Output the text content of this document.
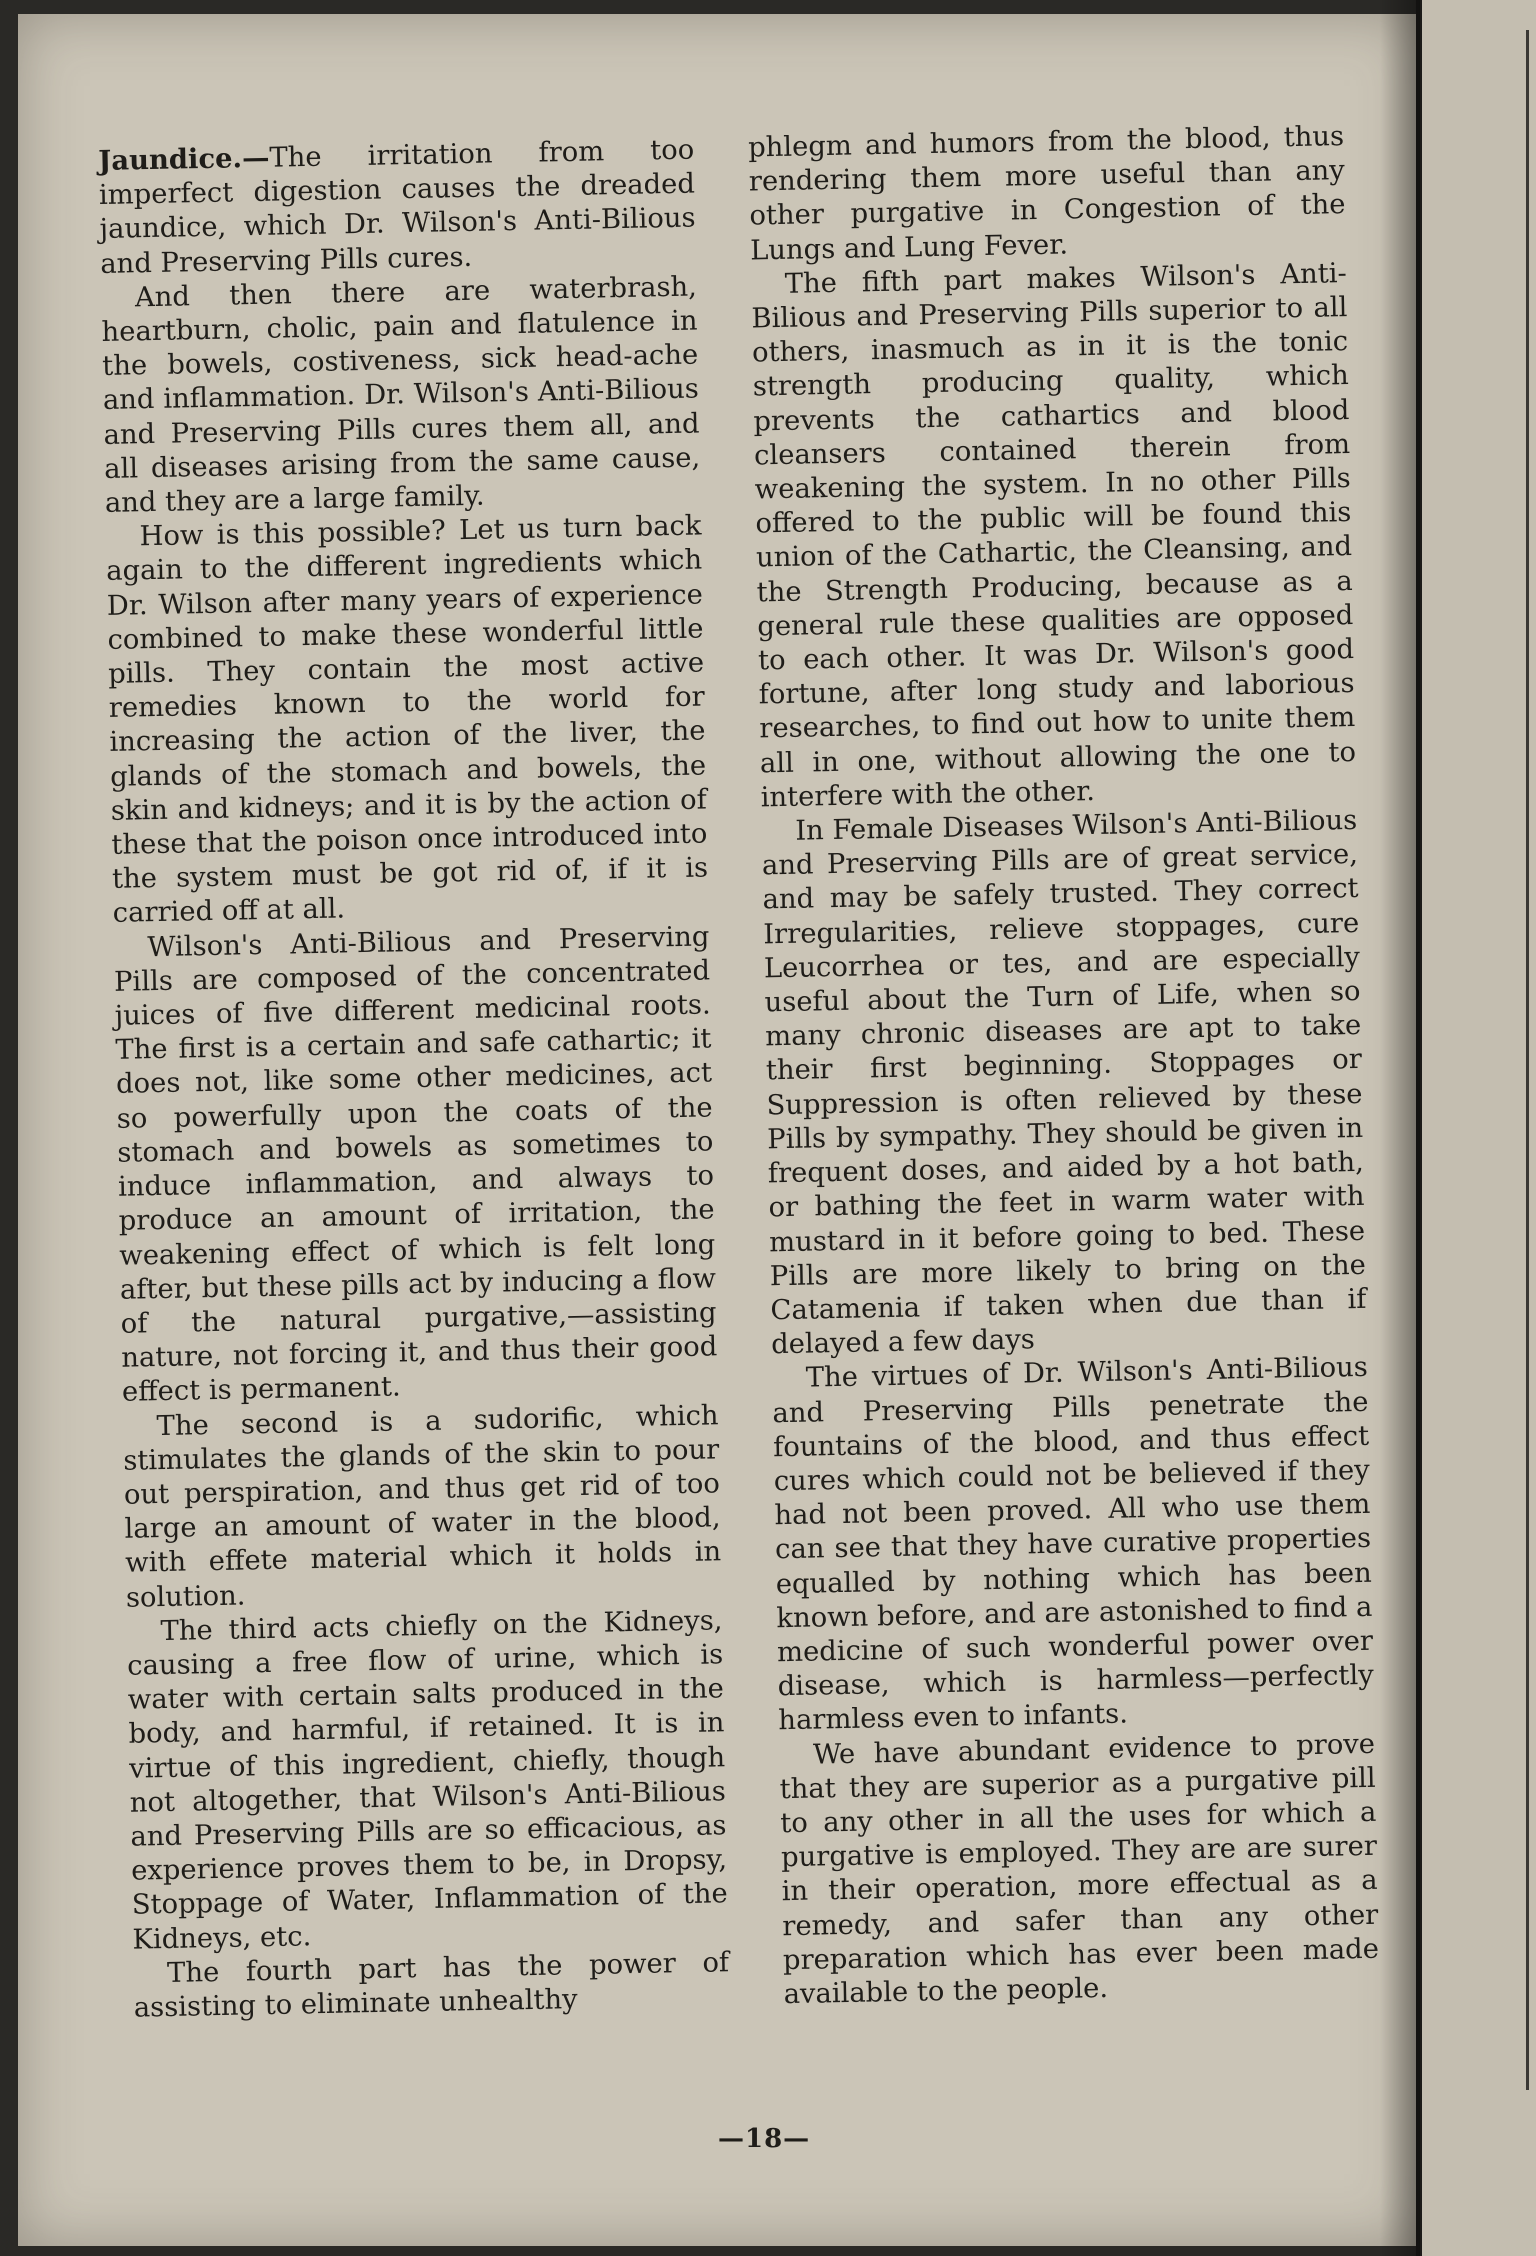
Jaundice.—The irritation from too imperfect digestion causes the dreaded jaundice, which Dr. Wilson's Anti-Bilious and Preserving Pills cures.

And then there are waterbrash, heartburn, cholic, pain and flatulence in the bowels, costiveness, sick head-ache and inflammation. Dr. Wilson's Anti-Bilious and Preserving Pills cures them all, and all diseases arising from the same cause, and they are a large family.

How is this possible? Let us turn back again to the different ingredients which Dr. Wilson after many years of experience combined to make these wonderful little pills. They contain the most active remedies known to the world for increasing the action of the liver, the glands of the stomach and bowels, the skin and kidneys; and it is by the action of these that the poison once introduced into the system must be got rid of, if it is carried off at all.

Wilson's Anti-Bilious and Preserving Pills are composed of the concentrated juices of five different medicinal roots. The first is a certain and safe cathartic; it does not, like some other medicines, act so powerfully upon the coats of the stomach and bowels as sometimes to induce inflammation, and always to produce an amount of irritation, the weakening effect of which is felt long after, but these pills act by inducing a flow of the natural purgative,—assisting nature, not forcing it, and thus their good effect is permanent.

The second is a sudorific, which stimulates the glands of the skin to pour out perspiration, and thus get rid of too large an amount of water in the blood, with effete material which it holds in solution.

The third acts chiefly on the Kidneys, causing a free flow of urine, which is water with certain salts produced in the body, and harmful, if retained. It is in virtue of this ingredient, chiefly, though not altogether, that Wilson's Anti-Bilious and Preserving Pills are so efficacious, as experience proves them to be, in Dropsy, Stoppage of Water, Inflammation of the Kidneys, etc.

The fourth part has the power of assisting to eliminate unhealthy

phlegm and humors from the blood, thus rendering them more useful than any other purgative in Congestion of the Lungs and Lung Fever.

The fifth part makes Wilson's Anti-Bilious and Preserving Pills superior to all others, inasmuch as in it is the tonic strength producing quality, which prevents the cathartics and blood cleansers contained therein from weakening the system. In no other Pills offered to the public will be found this union of the Cathartic, the Cleansing, and the Strength Producing, because as a general rule these qualities are opposed to each other. It was Dr. Wilson's good fortune, after long study and laborious researches, to find out how to unite them all in one, without allowing the one to interfere with the other.

In Female Diseases Wilson's Anti-Bilious and Preserving Pills are of great service, and may be safely trusted. They correct Irregularities, relieve stoppages, cure Leucorrhea or tes, and are especially useful about the Turn of Life, when so many chronic diseases are apt to take their first beginning. Stoppages or Suppression is often relieved by these Pills by sympathy. They should be given in frequent doses, and aided by a hot bath, or bathing the feet in warm water with mustard in it before going to bed. These Pills are more likely to bring on the Catamenia if taken when due than if delayed a few days

The virtues of Dr. Wilson's Anti-Bilious and Preserving Pills penetrate the fountains of the blood, and thus effect cures which could not be believed if they had not been proved. All who use them can see that they have curative properties equalled by nothing which has been known before, and are astonished to find a medicine of such wonderful power over disease, which is harmless—perfectly harmless even to infants.

We have abundant evidence to prove that they are superior as a purgative pill to any other in all the uses for which a purgative is employed. They are are surer in their operation, more effectual as a remedy, and safer than any other preparation which has ever been made available to the people.

—18—
